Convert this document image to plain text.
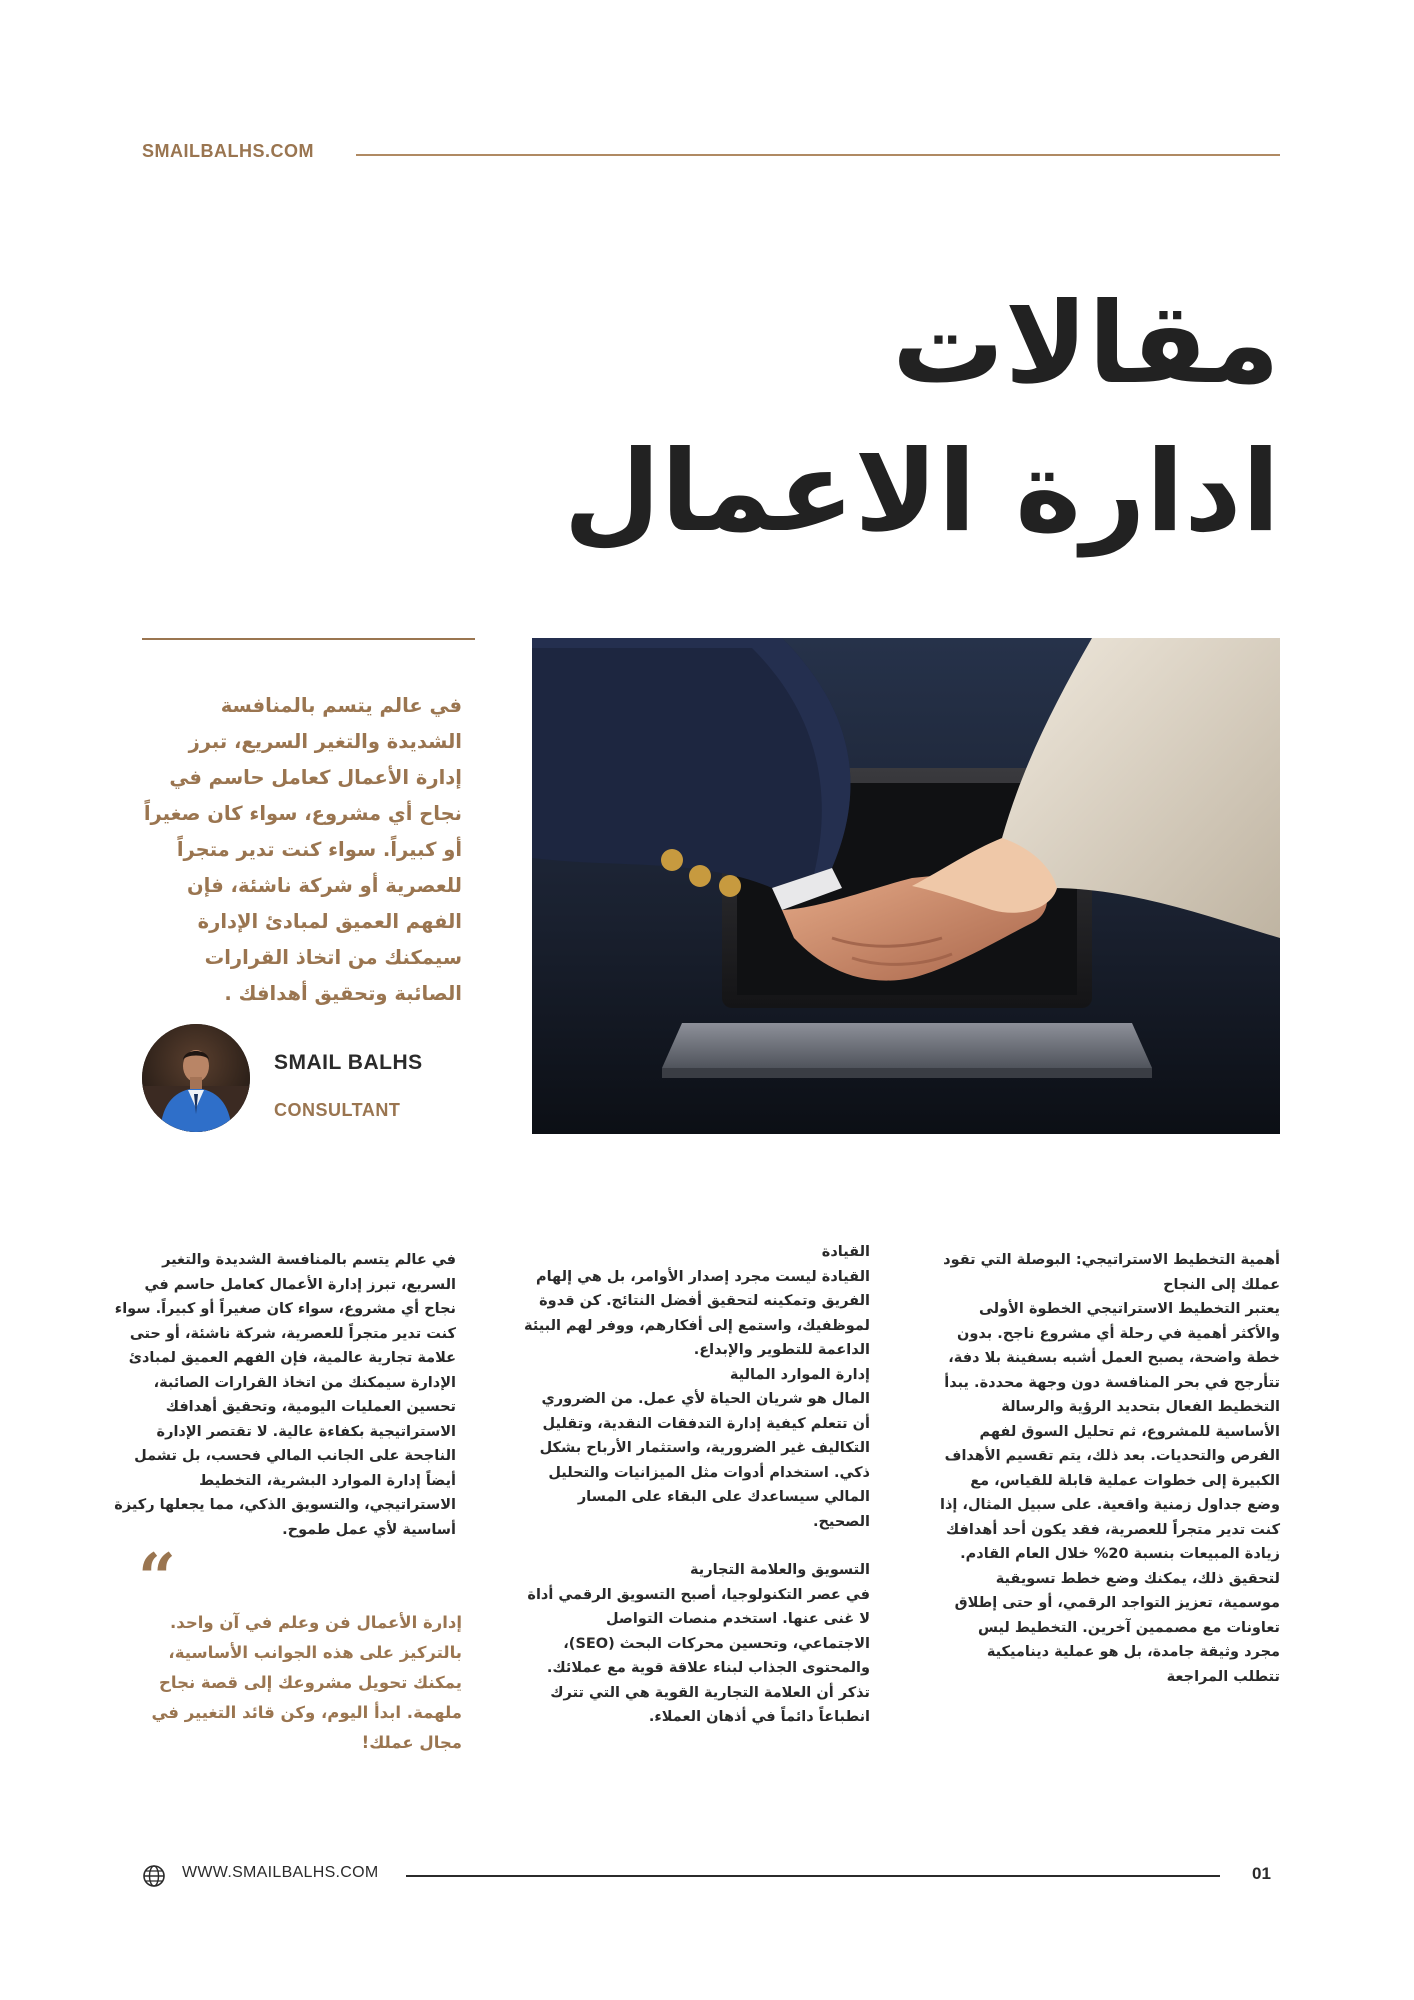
SMAILBALHS.COM
مقالات
ادارة الاعمال
في عالم يتسم بالمنافسة الشديدة والتغير السريع، تبرز إدارة الأعمال كعامل حاسم في نجاح أي مشروع، سواء كان صغيراً أو كبيراً. سواء كنت تدير متجراً للعصرية أو شركة ناشئة، فإن الفهم العميق لمبادئ الإدارة سيمكنك من اتخاذ القرارات الصائبة وتحقيق أهدافك .
SMAIL BALHS
CONSULTANT

أهمية التخطيط الاستراتيجي: البوصلة التي تقود عملك إلى النجاح

يعتبر التخطيط الاستراتيجي الخطوة الأولى والأكثر أهمية في رحلة أي مشروع ناجح. بدون خطة واضحة، يصبح العمل أشبه بسفينة بلا دفة، تتأرجح في بحر المنافسة دون وجهة محددة. يبدأ التخطيط الفعال بتحديد الرؤية والرسالة الأساسية للمشروع، ثم تحليل السوق لفهم الفرص والتحديات. بعد ذلك، يتم تقسيم الأهداف الكبيرة إلى خطوات عملية قابلة للقياس، مع وضع جداول زمنية واقعية. على سبيل المثال، إذا كنت تدير متجراً للعصرية، فقد يكون أحد أهدافك زيادة المبيعات بنسبة 20% خلال العام القادم. لتحقيق ذلك، يمكنك وضع خطط تسويقية موسمية، تعزيز التواجد الرقمي، أو حتى إطلاق تعاونات مع مصممين آخرين. التخطيط ليس مجرد وثيقة جامدة، بل هو عملية ديناميكية تتطلب المراجعة

القيادة

القيادة ليست مجرد إصدار الأوامر، بل هي إلهام الفريق وتمكينه لتحقيق أفضل النتائج. كن قدوة لموظفيك، واستمع إلى أفكارهم، ووفر لهم البيئة الداعمة للتطوير والإبداع.

إدارة الموارد المالية

المال هو شريان الحياة لأي عمل. من الضروري أن تتعلم كيفية إدارة التدفقات النقدية، وتقليل التكاليف غير الضرورية، واستثمار الأرباح بشكل ذكي. استخدام أدوات مثل الميزانيات والتحليل المالي سيساعدك على البقاء على المسار الصحيح.

التسويق والعلامة التجارية

في عصر التكنولوجيا، أصبح التسويق الرقمي أداة لا غنى عنها. استخدم منصات التواصل الاجتماعي، وتحسين محركات البحث (SEO)، والمحتوى الجذاب لبناء علاقة قوية مع عملائك. تذكر أن العلامة التجارية القوية هي التي تترك انطباعاً دائماً في أذهان العملاء.

في عالم يتسم بالمنافسة الشديدة والتغير السريع، تبرز إدارة الأعمال كعامل حاسم في نجاح أي مشروع، سواء كان صغيراً أو كبيراً. سواء كنت تدير متجراً للعصرية، شركة ناشئة، أو حتى علامة تجارية عالمية، فإن الفهم العميق لمبادئ الإدارة سيمكنك من اتخاذ القرارات الصائبة، تحسين العمليات اليومية، وتحقيق أهدافك الاستراتيجية بكفاءة عالية. لا تقتصر الإدارة الناجحة على الجانب المالي فحسب، بل تشمل أيضاً إدارة الموارد البشرية، التخطيط الاستراتيجي، والتسويق الذكي، مما يجعلها ركيزة أساسية لأي عمل طموح.

“
إدارة الأعمال فن وعلم في آن واحد. بالتركيز على هذه الجوانب الأساسية، يمكنك تحويل مشروعك إلى قصة نجاح ملهمة. ابدأ اليوم، وكن قائد التغيير في مجال عملك!
WWW.SMAILBALHS.COM	01
